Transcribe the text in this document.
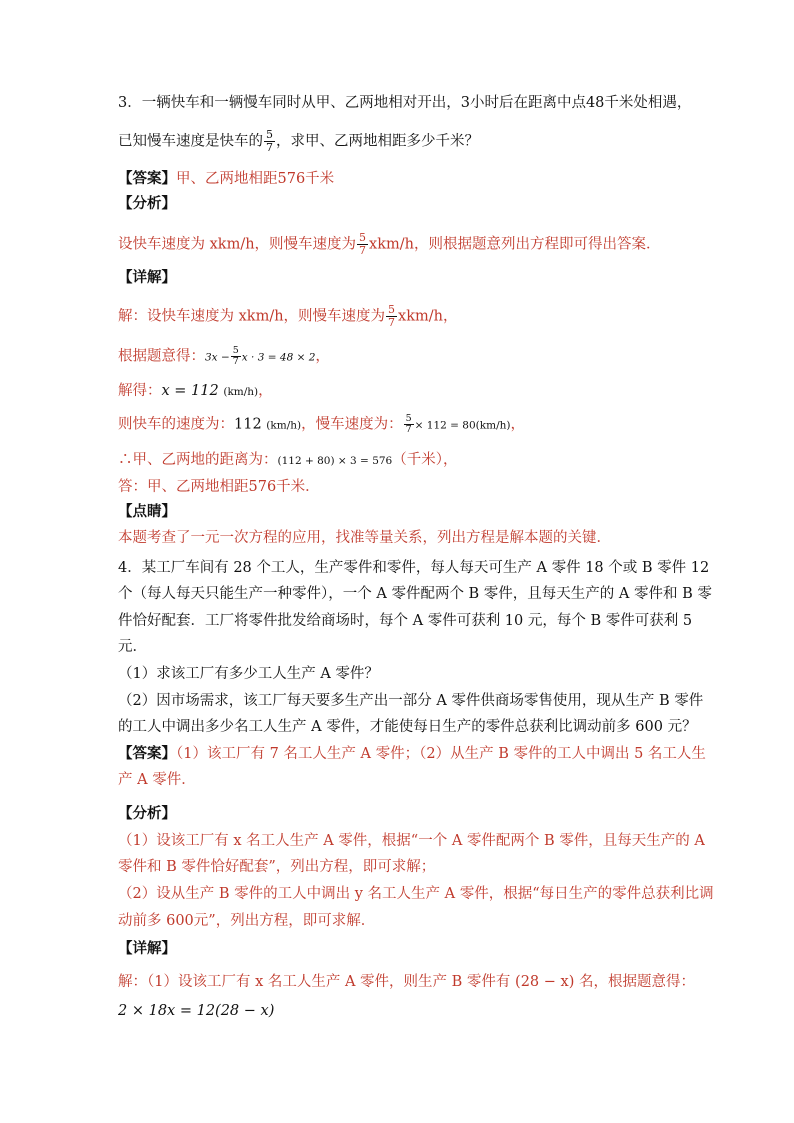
3．一辆快车和一辆慢车同时从甲、乙两地相对开出，3小时后在距离中点48千米处相遇，
已知慢车速度是快车的 $\frac{5}{7}$ ，求甲、乙两地相距多少千米？
【答案】甲、乙两地相距576千米
【分析】
设快车速度为 xkm/h，则慢车速度为 $\frac{5}{7} xkm/h$，则根据题意列出方程即可得出答案．
【详解】
解：设快车速度为 xkm/h，则慢车速度为 $\frac{5}{7} xkm/h$，
根据题意得：$3x - \frac{5}{7}$ x · 3 = 48 × 2，
解得：x = 112 (km/h)，
则快车的速度为：112 (km/h)，慢车速度为： $\frac{5}{7} \times 112 = 80(km/h)$，
∴甲、乙两地的距离为：(112 + 80) × 3 = 576（千米），
答：甲、乙两地相距576千米．
【点睛】
本题考查了一元一次方程的应用，找准等量关系，列出方程是解本题的关键．
4．某工厂车间有 28 个工人，生产零件和零件，每人每天可生产 A 零件 18 个或 B 零件 12
个（每人每天只能生产一种零件），一个 A 零件配两个 B 零件，且每天生产的 A 零件和 B 零
件恰好配套．工厂将零件批发给商场时，每个 A 零件可获利 10 元，每个 B 零件可获利 5
元．
（1）求该工厂有多少工人生产 A 零件？
（2）因市场需求，该工厂每天要多生产出一部分 A 零件供商场零售使用，现从生产 B 零件
的工人中调出多少名工人生产 A 零件，才能使每日生产的零件总获利比调动前多 600 元？
【答案】（1）该工厂有 7 名工人生产 A 零件；（2）从生产 B 零件的工人中调出 5 名工人生
产 A 零件．
【分析】
（1）设该工厂有 x 名工人生产 A 零件，根据“一个 A 零件配两个 B 零件，且每天生产的 A
零件和 B 零件恰好配套”，列出方程，即可求解；
（2）设从生产 B 零件的工人中调出 y 名工人生产 A 零件，根据“每日生产的零件总获利比调
动前多 600元”，列出方程，即可求解．
【详解】
解：（1）设该工厂有 x 名工人生产 A 零件，则生产 B 零件有 (28 − x) 名，根据题意得：
2 × 18x = 12(28 − x)
